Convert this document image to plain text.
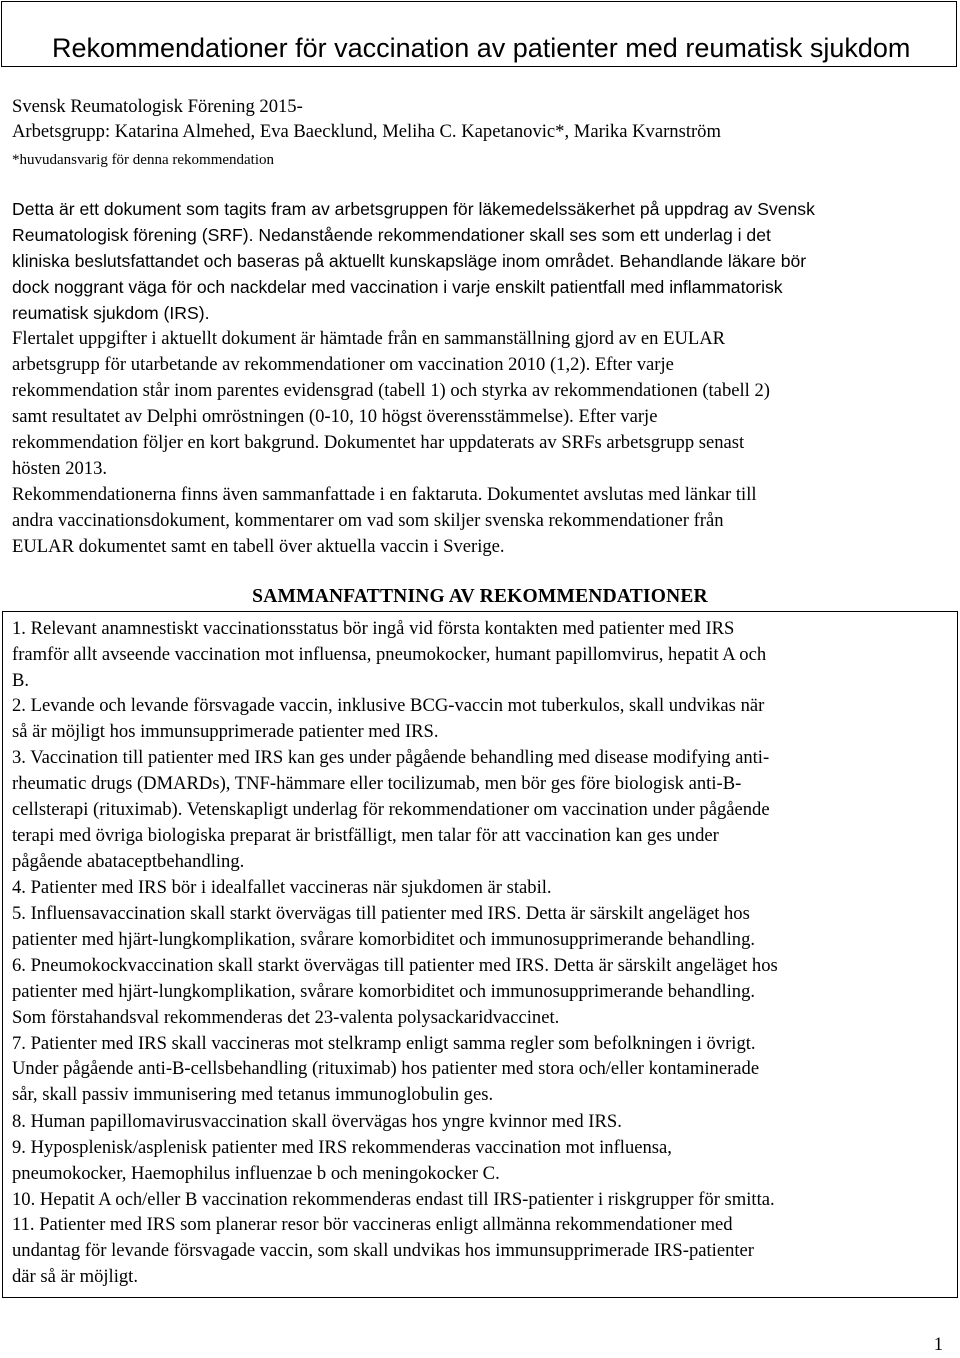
Rekommendationer för vaccination av patienter med reumatisk sjukdom
Svensk Reumatologisk Förening 2015-
Arbetsgrupp: Katarina Almehed, Eva Baecklund, Meliha C. Kapetanovic*, Marika Kvarnström
*huvudansvarig för denna rekommendation
Detta är ett dokument som tagits fram av arbetsgruppen för läkemedelssäkerhet på uppdrag av Svensk
Reumatologisk förening (SRF). Nedanstående rekommendationer skall ses som ett underlag i det
kliniska beslutsfattandet och baseras på aktuellt kunskapsläge inom området. Behandlande läkare bör
dock noggrant väga för och nackdelar med vaccination i varje enskilt patientfall med inflammatorisk
reumatisk sjukdom (IRS).
Flertalet uppgifter i aktuellt dokument är hämtade från en sammanställning gjord av en EULAR
arbetsgrupp för utarbetande av rekommendationer om vaccination 2010 (1,2). Efter varje
rekommendation står inom parentes evidensgrad (tabell 1) och styrka av rekommendationen (tabell 2)
samt resultatet av Delphi omröstningen (0-10, 10 högst överensstämmelse). Efter varje
rekommendation följer en kort bakgrund. Dokumentet har uppdaterats av SRFs arbetsgrupp senast
hösten 2013.
Rekommendationerna finns även sammanfattade i en faktaruta. Dokumentet avslutas med länkar till
andra vaccinationsdokument, kommentarer om vad som skiljer svenska rekommendationer från
EULAR dokumentet samt en tabell över aktuella vaccin i Sverige.
SAMMANFATTNING AV REKOMMENDATIONER
1. Relevant anamnestiskt vaccinationsstatus bör ingå vid första kontakten med patienter med IRS
framför allt avseende vaccination mot influensa, pneumokocker, humant papillomvirus, hepatit A och
B.
2. Levande och levande försvagade vaccin, inklusive BCG-vaccin mot tuberkulos, skall undvikas när
så är möjligt hos immunsupprimerade patienter med IRS.
3. Vaccination till patienter med IRS kan ges under pågående behandling med disease modifying anti-
rheumatic drugs (DMARDs), TNF-hämmare eller tocilizumab, men bör ges före biologisk anti-B-
cellsterapi (rituximab). Vetenskapligt underlag för rekommendationer om vaccination under pågående
terapi med övriga biologiska preparat är bristfälligt, men talar för att vaccination kan ges under
pågående abataceptbehandling.
4. Patienter med IRS bör i idealfallet vaccineras när sjukdomen är stabil.
5. Influensavaccination skall starkt övervägas till patienter med IRS. Detta är särskilt angeläget hos
patienter med hjärt-lungkomplikation, svårare komorbiditet och immunosupprimerande behandling.
6. Pneumokockvaccination skall starkt övervägas till patienter med IRS. Detta är särskilt angeläget hos
patienter med hjärt-lungkomplikation, svårare komorbiditet och immunosupprimerande behandling.
Som förstahandsval rekommenderas det 23-valenta polysackaridvaccinet.
7. Patienter med IRS skall vaccineras mot stelkramp enligt samma regler som befolkningen i övrigt.
Under pågående anti-B-cellsbehandling (rituximab) hos patienter med stora och/eller kontaminerade
sår, skall passiv immunisering med tetanus immunoglobulin ges.
8. Human papillomavirusvaccination skall övervägas hos yngre kvinnor med IRS.
9. Hyposplenisk/asplenisk patienter med IRS rekommenderas vaccination mot influensa,
pneumokocker, Haemophilus influenzae b och meningokocker C.
10. Hepatit A och/eller B vaccination rekommenderas endast till IRS-patienter i riskgrupper för smitta.
11. Patienter med IRS som planerar resor bör vaccineras enligt allmänna rekommendationer med
undantag för levande försvagade vaccin, som skall undvikas hos immunsupprimerade IRS-patienter
där så är möjligt.
1
